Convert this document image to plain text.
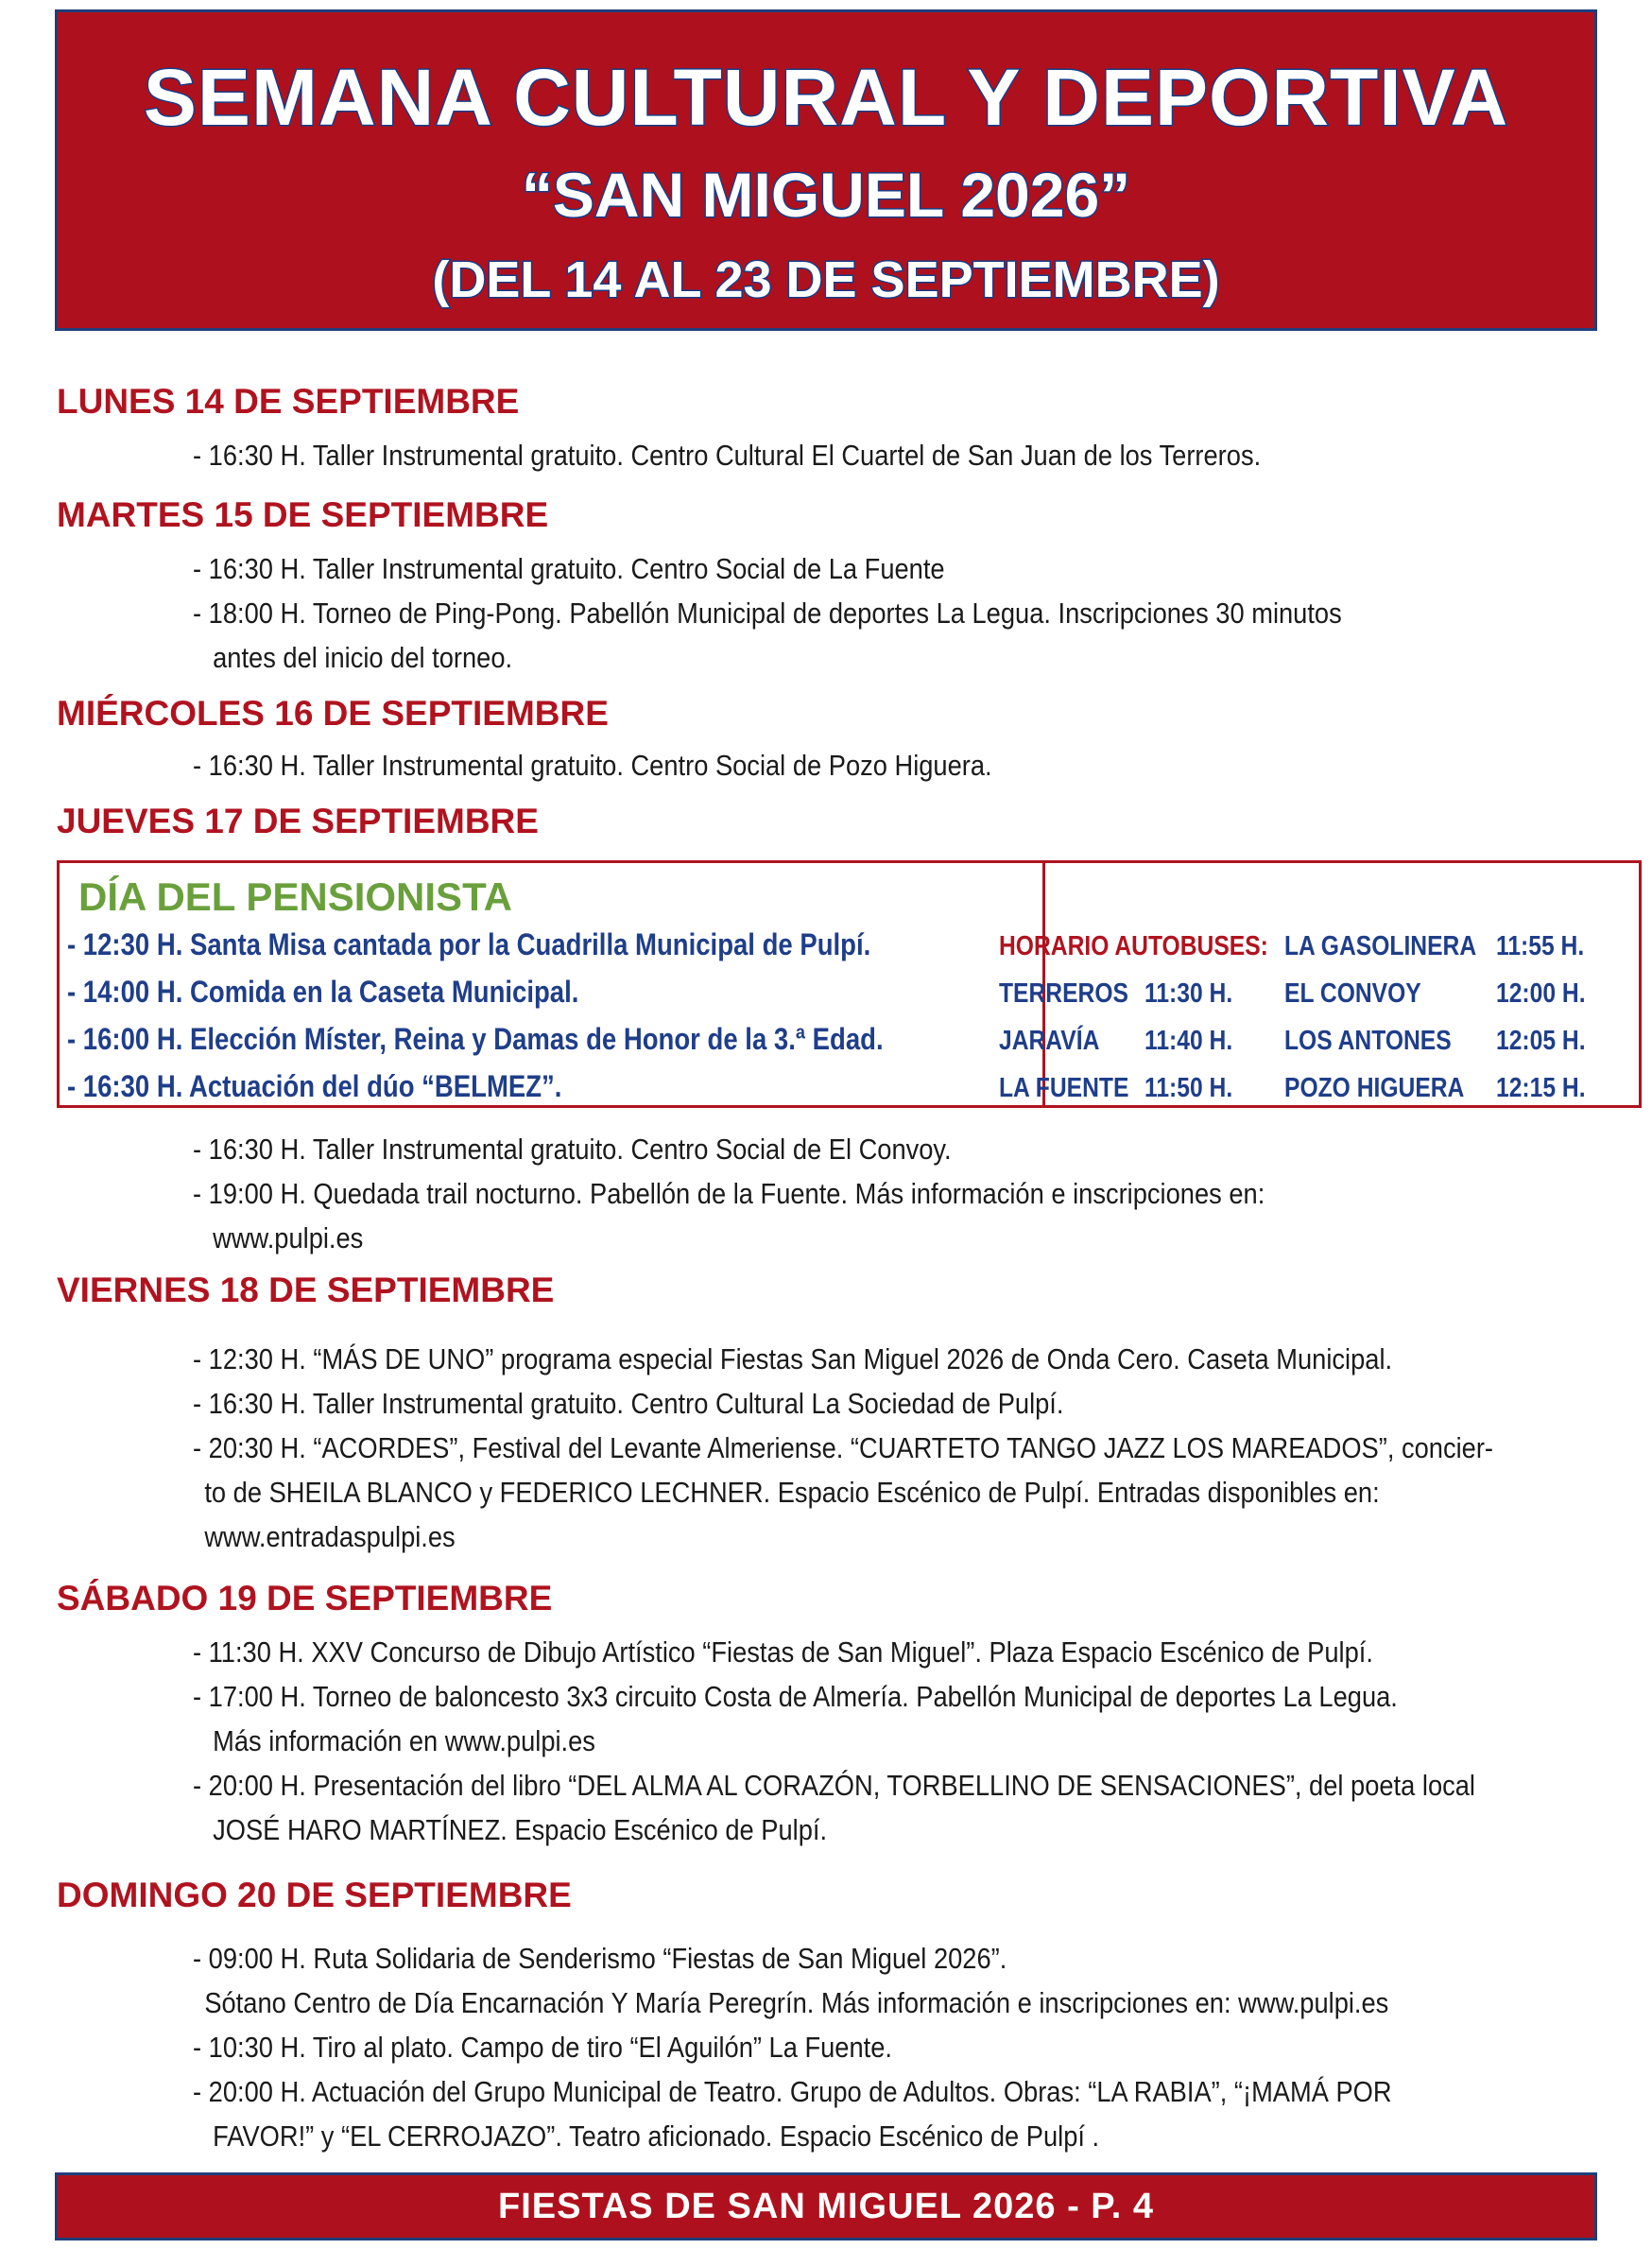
SEMANA CULTURAL Y DEPORTIVA
“SAN MIGUEL 2026”
(DEL 14 AL 23 DE SEPTIEMBRE)
LUNES 14 DE SEPTIEMBRE
- 16:30 H. Taller Instrumental gratuito. Centro Cultural El Cuartel de San Juan de los Terreros.
MARTES 15 DE SEPTIEMBRE
- 16:30 H. Taller Instrumental gratuito. Centro Social de La Fuente
- 18:00 H. Torneo de Ping-Pong. Pabellón Municipal de deportes La Legua. Inscripciones 30 minutos
antes del inicio del torneo.
MIÉRCOLES 16 DE SEPTIEMBRE
- 16:30 H. Taller Instrumental gratuito. Centro Social de Pozo Higuera.
JUEVES 17 DE SEPTIEMBRE
DÍA DEL PENSIONISTA
- 12:30 H. Santa Misa cantada por la Cuadrilla Municipal de Pulpí.
- 14:00 H. Comida en la Caseta Municipal.
- 16:00 H. Elección Míster, Reina y Damas de Honor de la 3.ª Edad.
- 16:30 H. Actuación del dúo “BELMEZ”.
HORARIO AUTOBUSES: LA GASOLINERA 11:55 H.
TERREROS 11:30 H. EL CONVOY	12:00 H.
JARAVÍA 11:40 H. LOS ANTONES 12:05 H.
LA FUENTE 11:50 H. POZO HIGUERA 12:15 H.
- 16:30 H. Taller Instrumental gratuito. Centro Social de El Convoy.
- 19:00 H. Quedada trail nocturno. Pabellón de la Fuente. Más información e inscripciones en:
www.pulpi.es
VIERNES 18 DE SEPTIEMBRE
- 12:30 H. “MÁS DE UNO” programa especial Fiestas San Miguel 2026 de Onda Cero. Caseta Municipal.
- 16:30 H. Taller Instrumental gratuito. Centro Cultural La Sociedad de Pulpí.
- 20:30 H. “ACORDES”, Festival del Levante Almeriense. “CUARTETO TANGO JAZZ LOS MAREADOS”, concier-
to de SHEILA BLANCO y FEDERICO LECHNER. Espacio Escénico de Pulpí. Entradas disponibles en:
www.entradaspulpi.es
SÁBADO 19 DE SEPTIEMBRE
- 11:30 H. XXV Concurso de Dibujo Artístico “Fiestas de San Miguel”. Plaza Espacio Escénico de Pulpí.
- 17:00 H. Torneo de baloncesto 3x3 circuito Costa de Almería. Pabellón Municipal de deportes La Legua.
Más información en www.pulpi.es
- 20:00 H. Presentación del libro “DEL ALMA AL CORAZÓN, TORBELLINO DE SENSACIONES”, del poeta local
JOSÉ HARO MARTÍNEZ. Espacio Escénico de Pulpí.
DOMINGO 20 DE SEPTIEMBRE
- 09:00 H. Ruta Solidaria de Senderismo “Fiestas de San Miguel 2026”.
Sótano Centro de Día Encarnación Y María Peregrín. Más información e inscripciones en: www.pulpi.es
- 10:30 H. Tiro al plato. Campo de tiro “El Aguilón” La Fuente.
- 20:00 H. Actuación del Grupo Municipal de Teatro. Grupo de Adultos. Obras: “LA RABIA”, “¡MAMÁ POR
FAVOR!” y “EL CERROJAZO”. Teatro aficionado. Espacio Escénico de Pulpí .
FIESTAS DE SAN MIGUEL 2026 - P. 4
